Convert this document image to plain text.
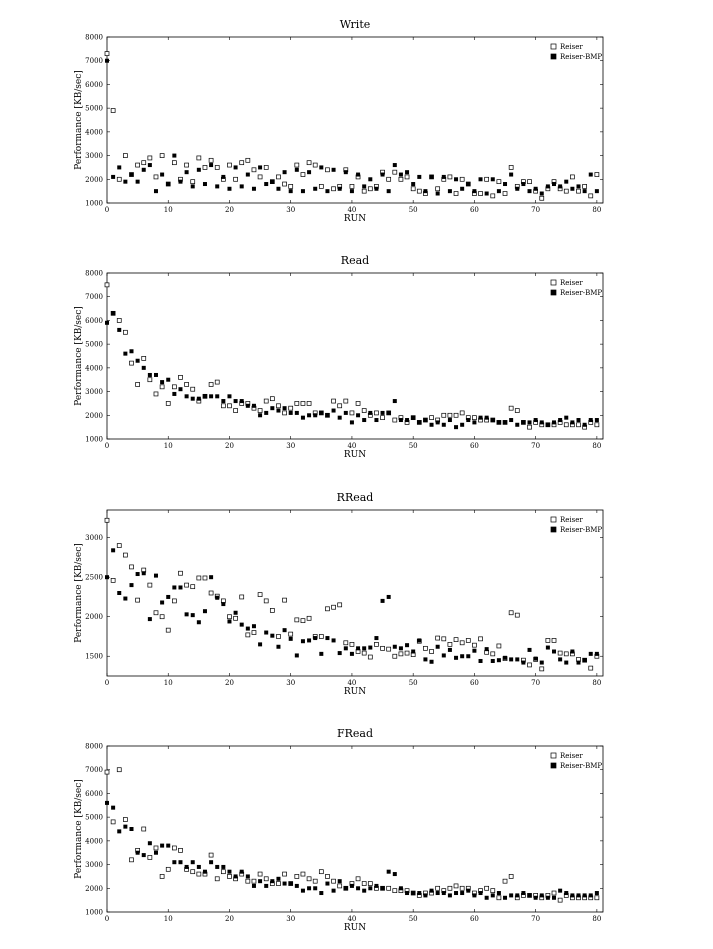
Write
1000
2000
3000
4000
5000
6000
7000
8000
0	10	20	30	40	50	60	70	80
RUN
Performance [KB/sec]
Reiser
Reiser-BMP
Read
1000
2000
3000
4000
5000
6000
7000
8000
0	10	20	30	40	50	60	70	80
RUN
Performance [KB/sec]
Reiser
Reiser-BMP
RRead
1500
2000
2500
3000
0	10	20	30	40	50	60	70	80
RUN
Performance [KB/sec]
Reiser
Reiser-BMP
FRead
1000
2000
3000
4000
5000
6000
7000
8000
0	10	20	30	40	50	60	70	80
RUN
Performance [KB/sec]
Reiser
Reiser-BMP
